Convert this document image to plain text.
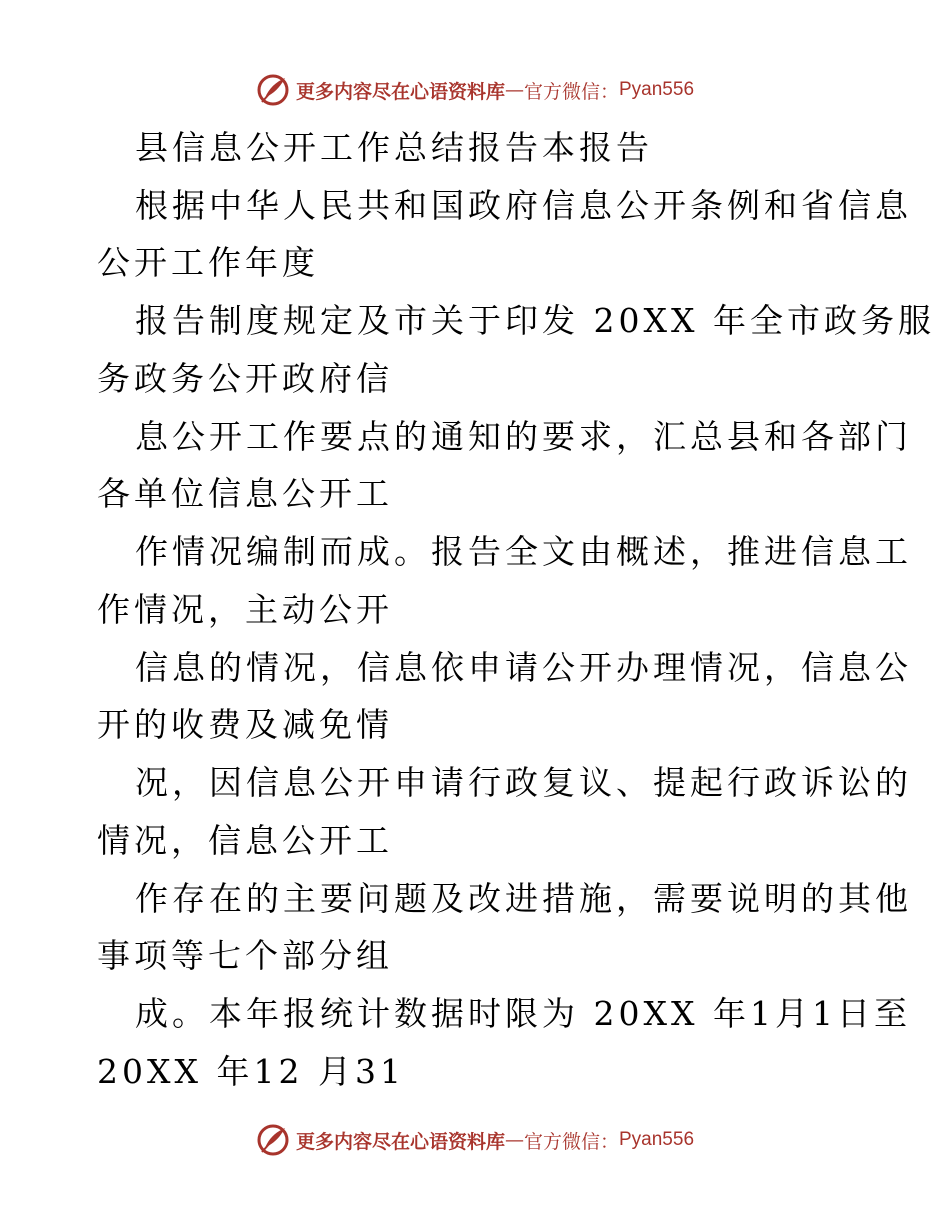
更多内容尽在心语资料库 — 官方微信： Pyan556
县信息公开工作总结报告本报告
根据中华人民共和国政府信息公开条例和省信息
公开工作年度
报告制度规定及市关于印发 20XX 年全市政务服
务政务公开政府信
息公开工作要点的通知的要求，汇总县和各部门
各单位信息公开工
作情况编制而成。报告全文由概述，推进信息工
作情况，主动公开
信息的情况，信息依申请公开办理情况，信息公
开的收费及减免情
况，因信息公开申请行政复议、提起行政诉讼的
情况，信息公开工
作存在的主要问题及改进措施，需要说明的其他
事项等七个部分组
成。本年报统计数据时限为 20XX 年1月1日至
20XX 年12 月31
更多内容尽在心语资料库 — 官方微信： Pyan556
